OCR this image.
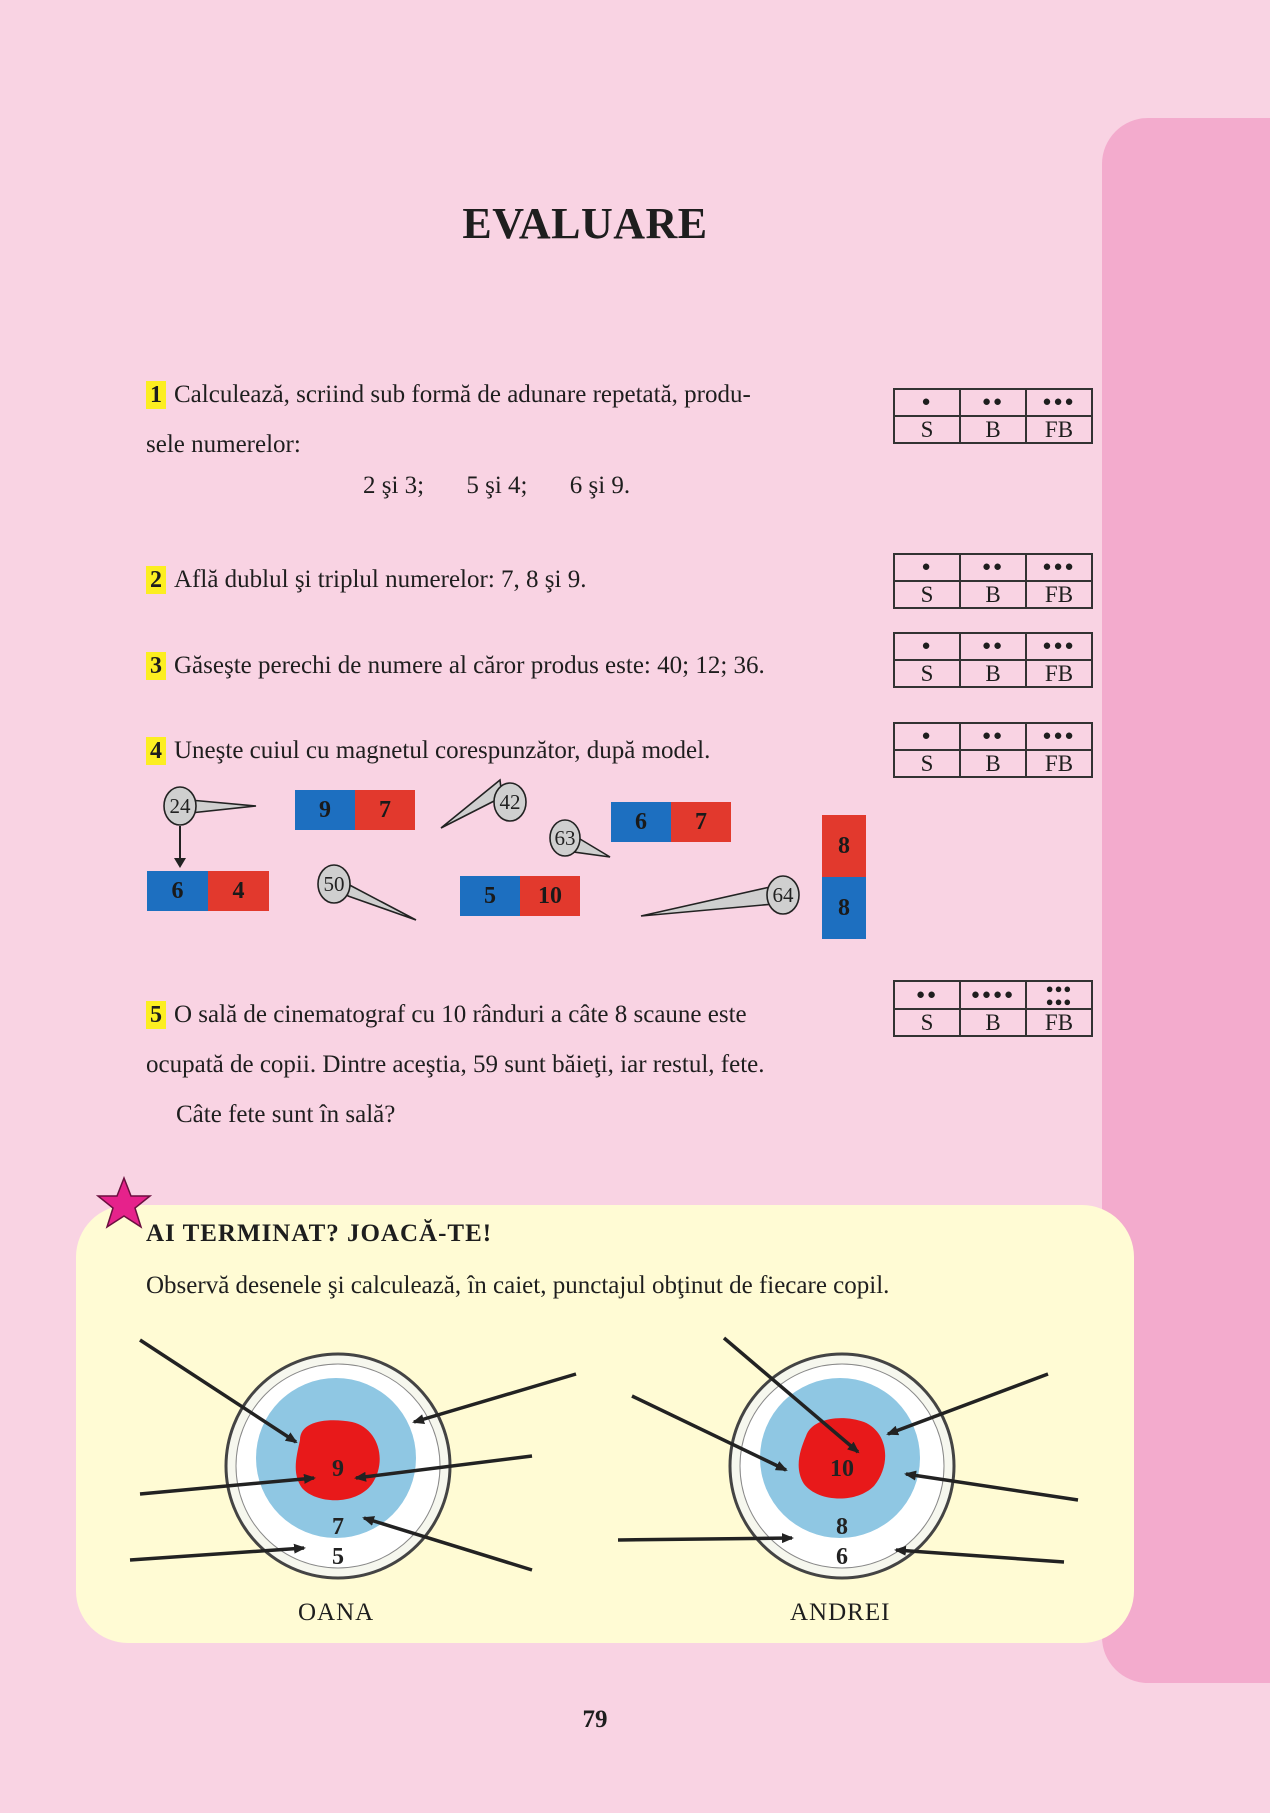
EVALUARE
1 Calculează, scriind sub formă de adunare repetată, produ-
sele numerelor:
2 şi 3; 5 şi 4; 6 şi 9.
2 Află dublul şi triplul numerelor: 7, 8 şi 9.
3 Găseşte perechi de numere al căror produs este: 40; 12; 36.
4 Uneşte cuiul cu magnetul corespunzător, după model.
5 O sală de cinematograf cu 10 rânduri a câte 8 scaune este
ocupată de copii. Dintre aceştia, 59 sunt băieţi, iar restul, fete.
Câte fete sunt în sală?
●	●●	●●●
S	B	FB
●	●●	●●●
S	B	FB
●	●●	●●●
S	B	FB
●	●●	●●●
S	B	FB
●●	●●●●	●●●
●●●

S	B	FB
24	42
63
50	64
9	7	6	7
6	4	5	10
8
8
AI TERMINAT? JOACĂ-TE!
Observă desenele şi calculează, în caiet, punctajul obţinut de fiecare copil.
9
7
5
10
8
6
OANA	ANDREI
79
